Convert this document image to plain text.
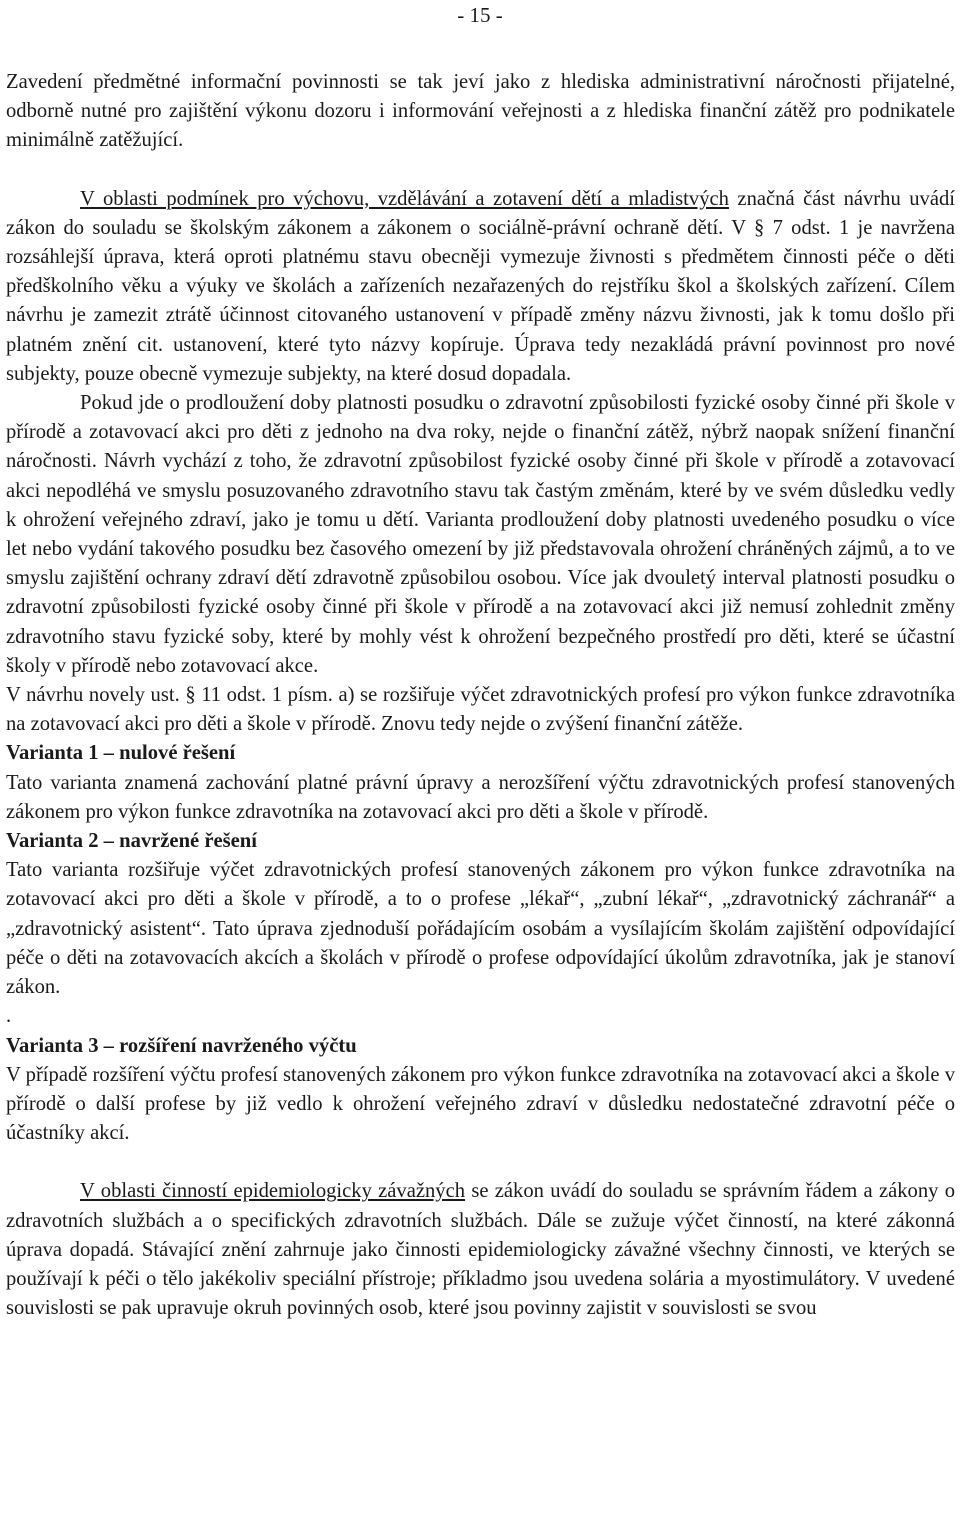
- 15 -

Zavedení předmětné informační povinnosti se tak jeví jako z hlediska administrativní náročnosti přijatelné, odborně nutné pro zajištění výkonu dozoru i informování veřejnosti a z hlediska finanční zátěž pro podnikatele minimálně zatěžující.

V oblasti podmínek pro výchovu, vzdělávání a zotavení dětí a mladistvých značná část návrhu uvádí zákon do souladu se školským zákonem a zákonem o sociálně-právní ochraně dětí. V § 7 odst. 1 je navržena rozsáhlejší úprava, která oproti platnému stavu obecněji vymezuje živnosti s předmětem činnosti péče o děti předškolního věku a výuky ve školách a zařízeních nezařazených do rejstříku škol a školských zařízení. Cílem návrhu je zamezit ztrátě účinnost citovaného ustanovení v případě změny názvu živnosti, jak k tomu došlo při platném znění cit. ustanovení, které tyto názvy kopíruje. Úprava tedy nezakládá právní povinnost pro nové subjekty, pouze obecně vymezuje subjekty, na které dosud dopadala.

Pokud jde o prodloužení doby platnosti posudku o zdravotní způsobilosti fyzické osoby činné při škole v přírodě a zotavovací akci pro děti z jednoho na dva roky, nejde o finanční zátěž, nýbrž naopak snížení finanční náročnosti. Návrh vychází z toho, že zdravotní způsobilost fyzické osoby činné při škole v přírodě a zotavovací akci nepodléhá ve smyslu posuzovaného zdravotního stavu tak častým změnám, které by ve svém důsledku vedly k ohrožení veřejného zdraví, jako je tomu u dětí. Varianta prodloužení doby platnosti uvedeného posudku o více let nebo vydání takového posudku bez časového omezení by již představovala ohrožení chráněných zájmů, a to ve smyslu zajištění ochrany zdraví dětí zdravotně způsobilou osobou. Více jak dvouletý interval platnosti posudku o zdravotní způsobilosti fyzické osoby činné při škole v přírodě a na zotavovací akci již nemusí zohlednit změny zdravotního stavu fyzické soby, které by mohly vést k ohrožení bezpečného prostředí pro děti, které se účastní školy v přírodě nebo zotavovací akce.

V návrhu novely ust. § 11 odst. 1 písm. a) se rozšiřuje výčet zdravotnických profesí pro výkon funkce zdravotníka na zotavovací akci pro děti a škole v přírodě. Znovu tedy nejde o zvýšení finanční zátěže.

Varianta 1 – nulové řešení

Tato varianta znamená zachování platné právní úpravy a nerozšíření výčtu zdravotnických profesí stanovených zákonem pro výkon funkce zdravotníka na zotavovací akci pro děti a škole v přírodě.

Varianta 2 – navržené řešení

Tato varianta rozšiřuje výčet zdravotnických profesí stanovených zákonem pro výkon funkce zdravotníka na zotavovací akci pro děti a škole v přírodě, a to o profese „lékař“, „zubní lékař“, „zdravotnický záchranář“ a „zdravotnický asistent“. Tato úprava zjednoduší pořádajícím osobám a vysílajícím školám zajištění odpovídající péče o děti na zotavovacích akcích a školách v přírodě o profese odpovídající úkolům zdravotníka, jak je stanoví zákon.

.

Varianta 3 – rozšíření navrženého výčtu

V případě rozšíření výčtu profesí stanovených zákonem pro výkon funkce zdravotníka na zotavovací akci a škole v přírodě o další profese by již vedlo k ohrožení veřejného zdraví v důsledku nedostatečné zdravotní péče o účastníky akcí.

V oblasti činností epidemiologicky závažných se zákon uvádí do souladu se správním řádem a zákony o zdravotních službách a o specifických zdravotních službách. Dále se zužuje výčet činností, na které zákonná úprava dopadá. Stávající znění zahrnuje jako činnosti epidemiologicky závažné všechny činnosti, ve kterých se používají k péči o tělo jakékoliv speciální přístroje; příkladmo jsou uvedena solária a myostimulátory. V uvedené souvislosti se pak upravuje okruh povinných osob, které jsou povinny zajistit v souvislosti se svou
